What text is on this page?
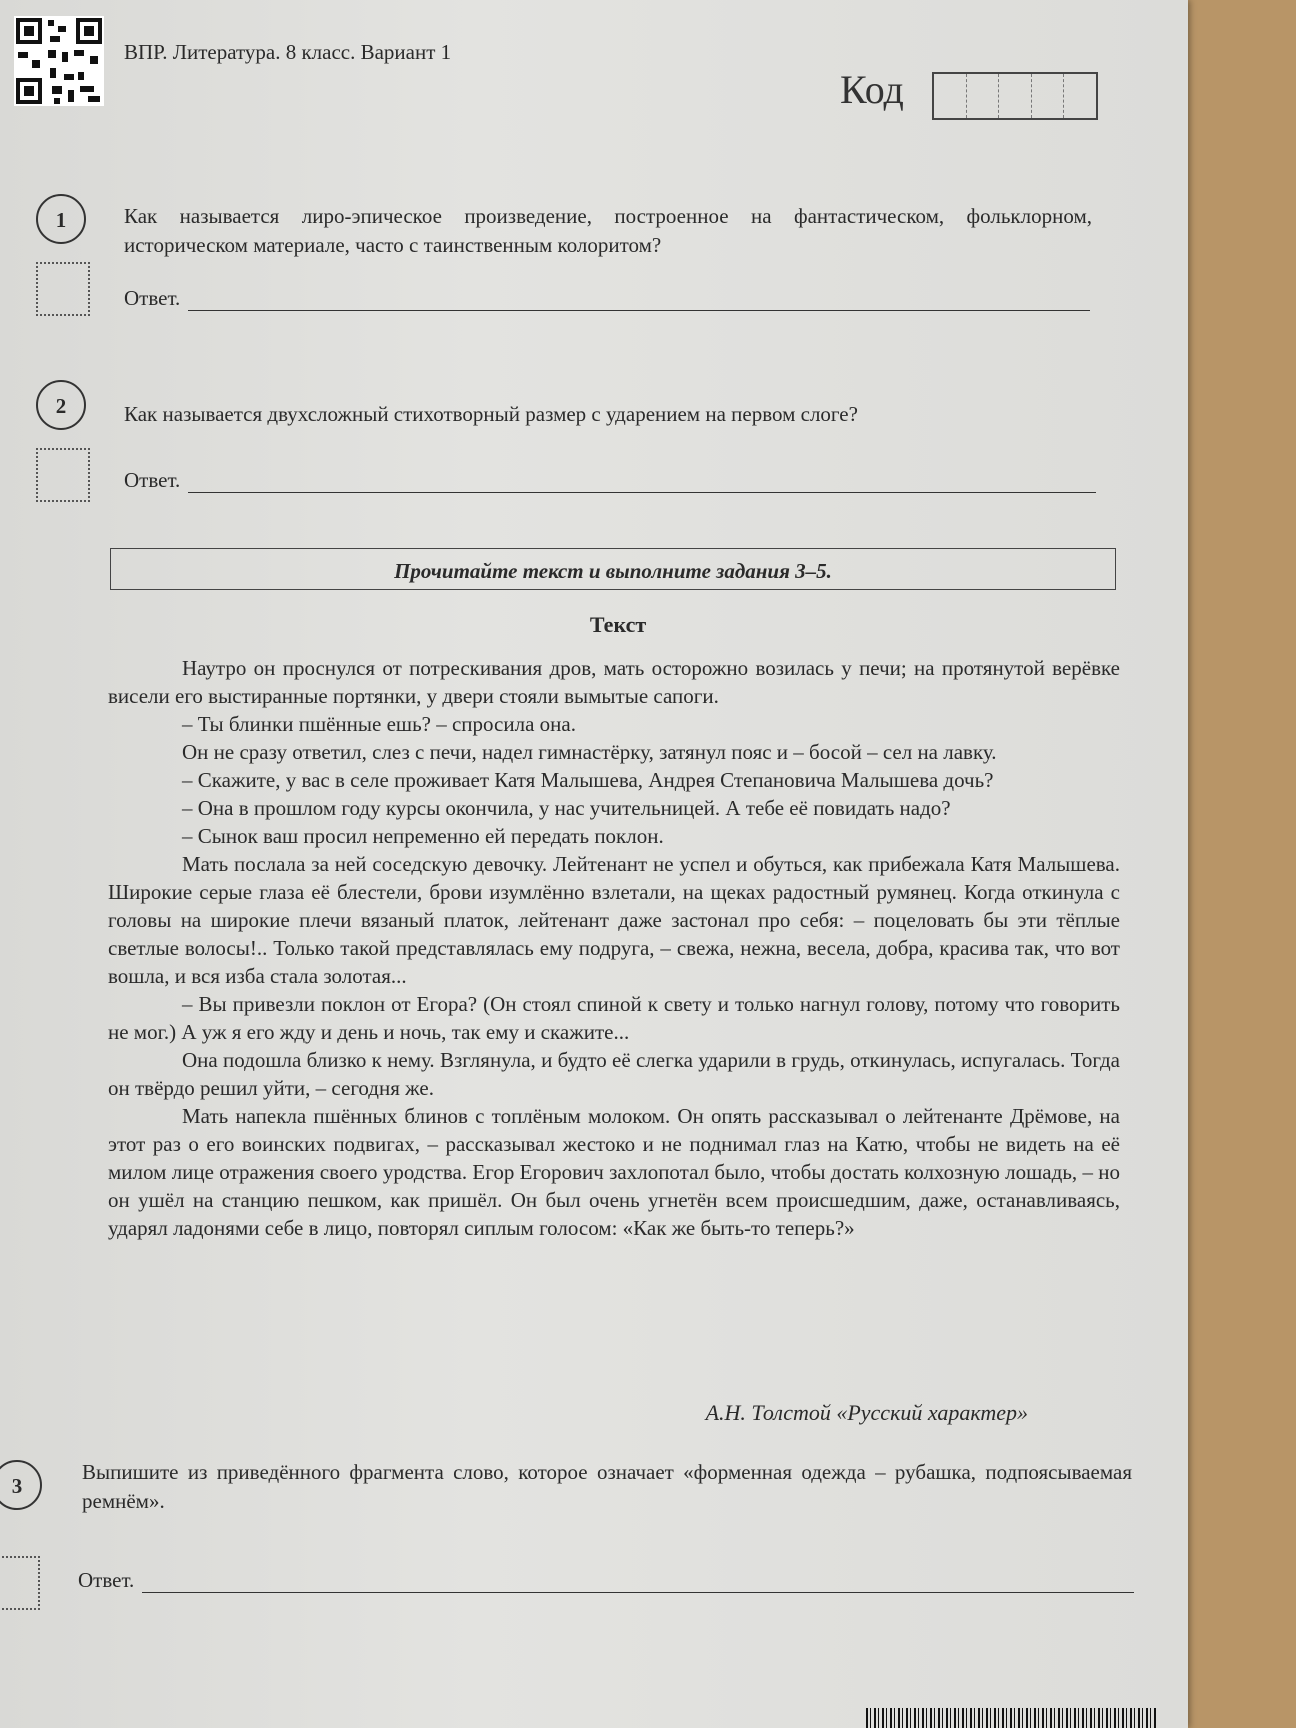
ВПР. Литература. 8 класс. Вариант 1
Код
1	Как называется лиро-эпическое произведение, построенное на фантастическом, фольклорном, историческом материале, часто с таинственным колоритом?
Ответ.
2	Как называется двухсложный стихотворный размер с ударением на первом слоге?
Ответ.
Прочитайте текст и выполните задания 3–5.
Текст

Наутро он проснулся от потрескивания дров, мать осторожно возилась у печи; на протянутой верёвке висели его выстиранные портянки, у двери стояли вымытые сапоги.

– Ты блинки пшённые ешь? – спросила она.

Он не сразу ответил, слез с печи, надел гимнастёрку, затянул пояс и – босой – сел на лавку.

– Скажите, у вас в селе проживает Катя Малышева, Андрея Степановича Малышева дочь?

– Она в прошлом году курсы окончила, у нас учительницей. А тебе её повидать надо?

– Сынок ваш просил непременно ей передать поклон.

Мать послала за ней соседскую девочку. Лейтенант не успел и обуться, как прибежала Катя Малышева. Широкие серые глаза её блестели, брови изумлённо взлетали, на щеках радостный румянец. Когда откинула с головы на широкие плечи вязаный платок, лейтенант даже застонал про себя: – поцеловать бы эти тёплые светлые волосы!.. Только такой представлялась ему подруга, – свежа, нежна, весела, добра, красива так, что вот вошла, и вся изба стала золотая...

– Вы привезли поклон от Егора? (Он стоял спиной к свету и только нагнул голову, потому что говорить не мог.) А уж я его жду и день и ночь, так ему и скажите...

Она подошла близко к нему. Взглянула, и будто её слегка ударили в грудь, откинулась, испугалась. Тогда он твёрдо решил уйти, – сегодня же.

Мать напекла пшённых блинов с топлёным молоком. Он опять рассказывал о лейтенанте Дрёмове, на этот раз о его воинских подвигах, – рассказывал жестоко и не поднимал глаз на Катю, чтобы не видеть на её милом лице отражения своего уродства. Егор Егорович захлопотал было, чтобы достать колхозную лошадь, – но он ушёл на станцию пешком, как пришёл. Он был очень угнетён всем происшедшим, даже, останавливаясь, ударял ладонями себе в лицо, повторял сиплым голосом: «Как же быть-то теперь?»

А.Н. Толстой «Русский характер»
3
Выпишите из приведённого фрагмента слово, которое означает «форменная одежда – рубашка, подпоясываемая ремнём».
Ответ.
